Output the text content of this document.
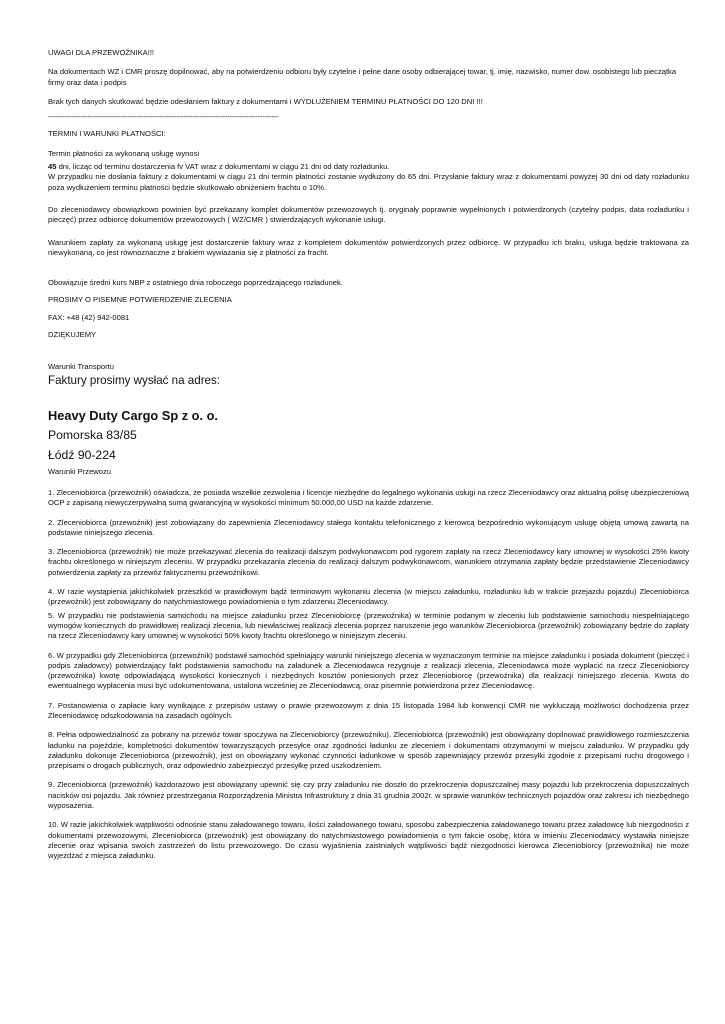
UWAGI DLA PRZEWOŹNIKA!!!

Na dokumentach WZ i CMR proszę dopilnować, aby na potwierdzeniu odbioru były czytelne i pełne dane osoby odbierającej towar, tj. imię, nazwisko, numer dow. osobistego lub pieczątka firmy oraz data i podpis

Brak tych danych skutkować będzie odesłaniem faktury z dokumentami i WYDŁUŻENIEM TERMINU PŁATNOŚCI DO 120 DNI !!!

---------------------------------------------------------------------------------------------------

TERMIN I WARUNKI PŁATNOŚCI:

Termin płatności za wykonaną usługę wynosi

45 dni, licząc od terminu dostarczenia fv VAT wraz z dokumentami w ciągu 21 dni od daty rozładunku.

W przypadku nie dosłania faktury z dokumentami w ciągu 21 dni termin płatności zostanie wydłużony do 65 dni. Przysłanie faktury wraz z dokumentami powyżej 30 dni od daty rozładunku poza wydłużeniem terminu płatności będzie skutkowało obniżeniem frachtu o 10%.

Do zleceniodawcy obowiązkowo powinien być przekazany komplet dokumentów przewozowych tj. oryginały poprawnie wypełnionych i potwierdzonych (czytelny podpis, data rozładunku i pieczęć) przez odbiorcę dokumentów przewozowych ( WZ/CMR ) stwierdzających wykonanie usługi.

Warunkiem zapłaty za wykonaną usługę jest dostarczenie faktury wraz z kompletem dokumentów potwierdzonych przez odbiorcę. W przypadku ich braku, usługa będzie traktowana za niewykonaną, co jest równoznaczne z brakiem wywiazania się z płatności za fracht.

Obowiązuje średni kurs NBP z ostatniego dnia roboczego poprzedzającego rozładunek.

PROSIMY O PISEMNE POTWIERDZENIE ZLECENIA

FAX: +48 (42) 942-0081

DZIĘKUJEMY

Warunki Transportu

Faktury prosimy wysłać na adres:

Heavy Duty Cargo Sp z o. o.

Pomorska 83/85

Łódź 90-224

Warunki Przewozu

1. Zleceniobiorca (przewoźnik) oświadcza, że posiada wszelkie zezwolenia i licencje niezbędne do legalnego wykonania usługi na rzecz Zleceniodawcy oraz aktualną polisę ubezpieczeniową OCP z zapisaną niewyczerpywalną sumą gwarancyjną w wysokości minimum 50.000,00 USD na każde zdarzenie.

2. Zleceniobiorca (przewoźnik) jest zobowiązany do zapewnienia Zleceniodawcy stałego kontaktu telefonicznego z kierowcą bezpośrednio wykonującym usługę objętą umową zawartą na podstawie niniejszego zlecenia.

3. Zleceniobiorca (przewoźnik) nie może przekazywać zlecenia do realizacji dalszym podwykonawcom pod rygorem zapłaty na rzecz Zleceniodawcy kary umownej w wysokości 25% kwoty frachtu określonego w niniejszym zleceniu. W przypadku przekazania zlecenia do realizacji dalszym podwykonawcom, warunkiem otrzymania zapłaty będzie przedstawienie Zleceniodawcy potwierdzenia zapłaty za przewóz faktycznemu przewoźnikowi.

4. W razie wystąpienia jakichkolwiek przeszkód w prawidłowym bądź terminowym wykonaniu zlecenia (w miejscu załadunku, rozładunku lub w trakcie przejazdu pojazdu) Zleceniobiorca (przewoźnik) jest zobowiązany do natychmiastowego powiadomienia o tym zdarzeniu Zleceniodawcy.

5. W przypadku nie podstawienia samochodu na miejsce załadunku przez Zleceniobiorcę (przewoźnika) w terminie podanym w zleceniu lub podstawienie samochodu niespełniającego wymogów koniecznych do prawidłowej realizacji zlecenia, lub niewłaściwej realizacji zlecenia poprzez naruszenie jego warunków Zleceniobiorca (przewoźnik) zobowiązany będzie do zapłaty na rzecz Zleceniodawcy kary umownej w wysokości 50% kwoty frachtu określonego w niniejszym zleceniu.

6. W przypadku gdy Zleceniobiorca (przewoźnik) podstawił samochód spełniający warunki niniejszego zlecenia w wyznaczonym terminie na miejsce załadunku i posiada dokument (pieczęć i podpis załadowcy) potwierdzający fakt podstawienia samochodu na załadunek a Zleceniodawca rezygnuje z realizacji zlecenia, Zleceniodawca może wypłacić na rzecz Zleceniobiorcy (przewoźnika) kwotę odpowiadającą wysokości koniecznych i niezbędnych kosztów poniesionych przez Zleceniobiorcę (przewoźnika) dla realizacji niniejszego zlecenia. Kwota do ewentualnego wypłacenia musi być udokumentowana, ustalona wcześniej ze Zleceniodawcą, oraz pisemnie potwierdzona przez Zleceniodawcę.

7. Postanowienia o zapłacie kary wynikające z przepisów ustawy o prawie przewozowym z dnia 15 listopada 1984 lub konwencji CMR nie wykluczają możliwości dochodzenia przez Zleceniodawcę odszkodowania na zasadach ogólnych.

8. Pełna odpowiedzialność za pobrany na przewóz towar spoczywa na Zleceniobiorcy (przewoźniku). Zleceniobiorca (przewoźnik) jest obowiązany dopilnować prawidłowego rozmieszczenia ładunku na pojeździe, kompletności dokumentów towarzyszących przesyłce oraz zgodności ładunku ze zleceniem i dokumentami otrzymanymi w miejscu załadunku. W przypadku gdy załadunku dokonuje Zleceniobiorca (przewoźnik), jest on obowiązany wykonać czynności ładunkowe w sposób zapewniający przewóz przesyłki zgodnie z przepisami ruchu drogowego i przepisami o drogach publicznych, oraz odpowiednio zabezpieczyć przesyłkę przed uszkodzeniem.

9. Zleceniobiorca (przewoźnik) każdorazowo jest obowiązany upewnić się czy przy załadunku nie doszło do przekroczenia dopuszczalnej masy pojazdu lub przekroczenia dopuszczalnych nacisków osi pojazdu. Jak również przestrzegania Rozporządzenia Ministra Infrastruktury z dnia 31 grudnia 2002r. w sprawie warunków technicznych pojazdów oraz zakresu ich niezbędnego wyposażenia.

10. W razie jakichkolwiek wątpliwości odnośnie stanu załadowanego towaru, ilości załadowanego towaru, sposobu zabezpieczenia załadowanego towaru przez załadowcę lub niezgodności z dokumentami przewozowymi, Zleceniobiorca (przewoźnik) jest obowiązany do natychmiastowego powiadomienia o tym fakcie osobę, która w imieniu Zleceniodawcy wystawiła niniejsze zlecenie oraz wpisania swoich zastrzeżeń do listu przewozowego. Do czasu wyjaśnienia zaistniałych wątpliwości bądź niezgodności kierowca Zleceniobiorcy (przewoźnika) nie może wyjeżdżać z miejsca załadunku.
